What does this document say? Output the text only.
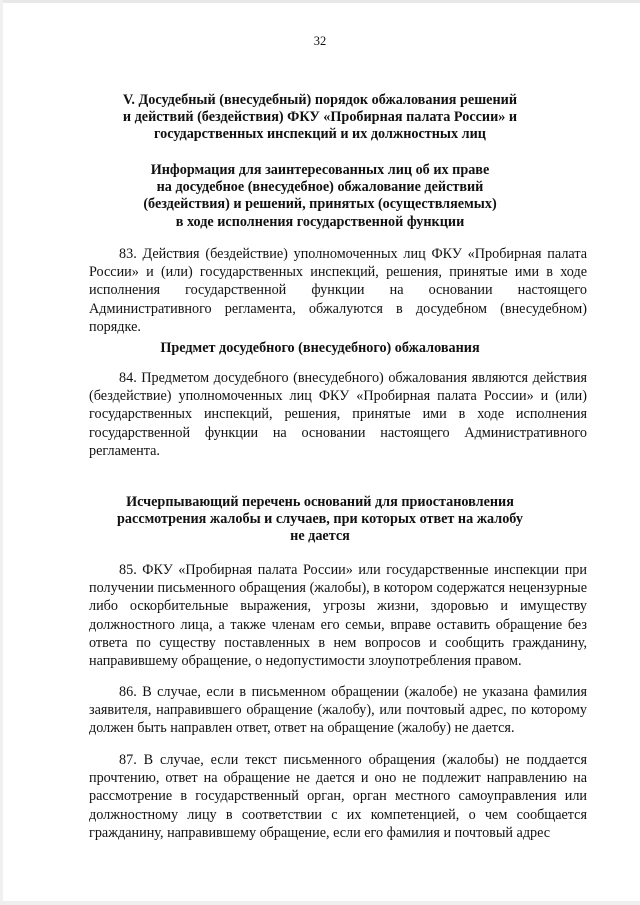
32
V. Досудебный (внесудебный) порядок обжалования решений
и действий (бездействия) ФКУ «Пробирная палата России» и
государственных инспекций и их должностных лиц
Информация для заинтересованных лиц об их праве
на досудебное (внесудебное) обжалование действий
(бездействия) и решений, принятых (осуществляемых)
в ходе исполнения государственной функции
83. Действия (бездействие) уполномоченных лиц ФКУ «Пробирная палата России» и (или) государственных инспекций, решения, принятые ими в ходе исполнения государственной функции на основании настоящего Административного регламента, обжалуются в досудебном (внесудебном) порядке.
Предмет досудебного (внесудебного) обжалования
84. Предметом досудебного (внесудебного) обжалования являются действия (бездействие) уполномоченных лиц ФКУ «Пробирная палата России» и (или) государственных инспекций, решения, принятые ими в ходе исполнения государственной функции на основании настоящего Административного регламента.
Исчерпывающий перечень оснований для приостановления
рассмотрения жалобы и случаев, при которых ответ на жалобу
не дается
85. ФКУ «Пробирная палата России» или государственные инспекции при получении письменного обращения (жалобы), в котором содержатся нецензурные либо оскорбительные выражения, угрозы жизни, здоровью и имуществу должностного лица, а также членам его семьи, вправе оставить обращение без ответа по существу поставленных в нем вопросов и сообщить гражданину, направившему обращение, о недопустимости злоупотребления правом.
86. В случае, если в письменном обращении (жалобе) не указана фамилия заявителя, направившего обращение (жалобу), или почтовый адрес, по которому должен быть направлен ответ, ответ на обращение (жалобу) не дается.
87. В случае, если текст письменного обращения (жалобы) не поддается прочтению, ответ на обращение не дается и оно не подлежит направлению на рассмотрение в государственный орган, орган местного самоуправления или должностному лицу в соответствии с их компетенцией, о чем сообщается гражданину, направившему обращение, если его фамилия и почтовый адрес
